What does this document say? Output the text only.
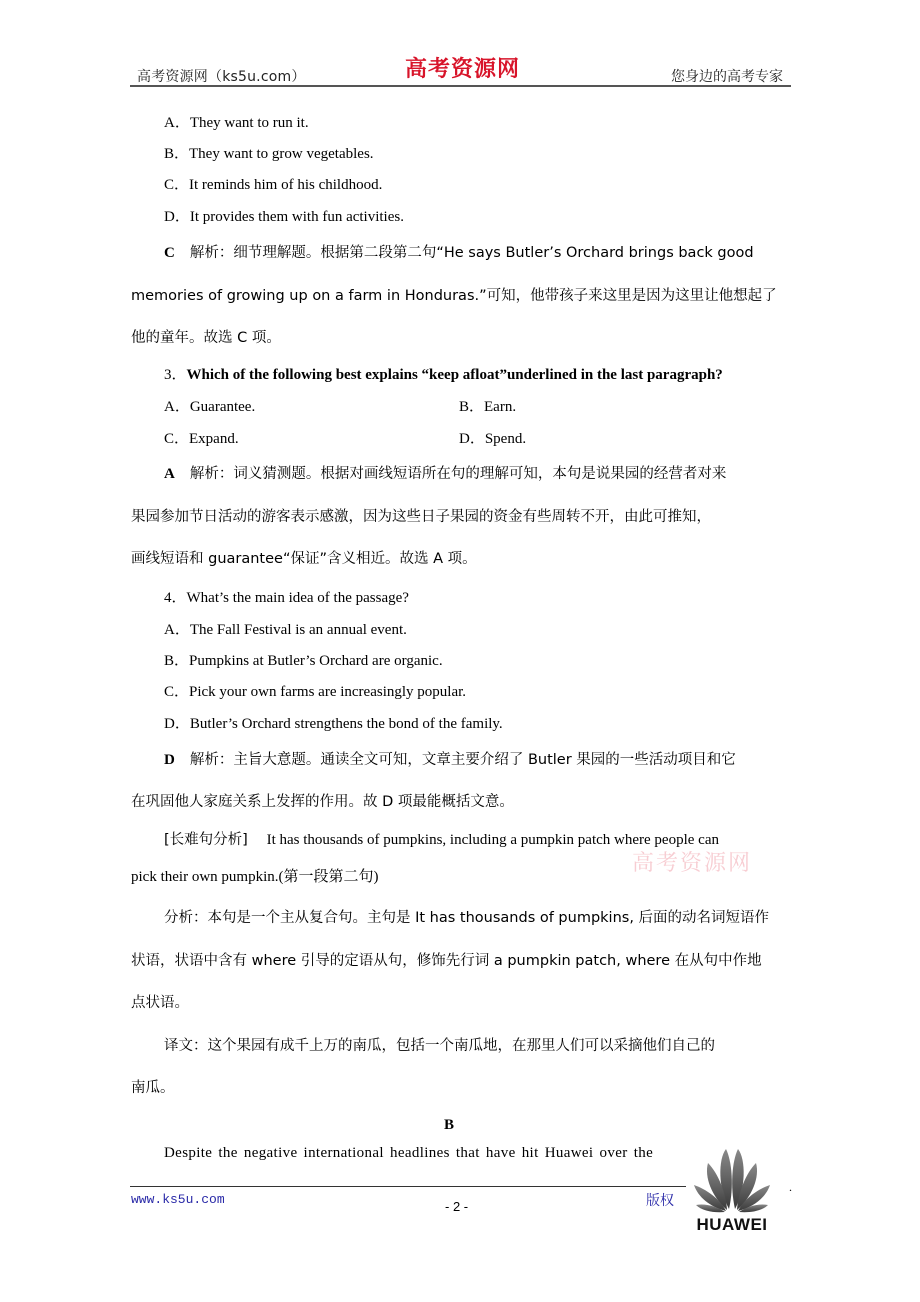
高考资源网（ks5u.com）	高考资源网	您身边的高考专家
A．They want to run it.
B．They want to grow vegetables.
C．It reminds him of his childhood.
D．It provides them with fun activities.
C 解析：细节理解题。根据第二段第二句“He says Butler’s Orchard brings back good
memories of growing up on a farm in Honduras.”可知，他带孩子来这里是因为这里让他想起了
他的童年。故选 C 项。
3．Which of the following best explains “keep afloat”underlined in the last paragraph?
A．Guarantee.	B．Earn.
C．Expand.	D．Spend.
A 解析：词义猜测题。根据对画线短语所在句的理解可知，本句是说果园的经营者对来
果园参加节日活动的游客表示感激，因为这些日子果园的资金有些周转不开，由此可推知，
画线短语和 guarantee“保证”含义相近。故选 A 项。
4．What’s the main idea of the passage?
A．The Fall Festival is an annual event.
B．Pumpkins at Butler’s Orchard are organic.
C．Pick your own farms are increasingly popular.
D．Butler’s Orchard strengthens the bond of the family.
D 解析：主旨大意题。通读全文可知，文章主要介绍了 Butler 果园的一些活动项目和它
在巩固他人家庭关系上发挥的作用。故 D 项最能概括文意。
[长难句分析] It has thousands of pumpkins, including a pumpkin patch where people can
高考资源网
pick their own pumpkin.(第一段第二句)
分析：本句是一个主从复合句。主句是 It has thousands of pumpkins, 后面的动名词短语作
状语，状语中含有 where 引导的定语从句，修饰先行词 a pumpkin patch, where 在从句中作地
点状语。
译文：这个果园有成千上万的南瓜，包括一个南瓜地，在那里人们可以采摘他们自己的
南瓜。
B
Despite the negative international headlines that have hit Huawei over the
HUAWEI
www.ks5u.com	- 2 -	版权
.
